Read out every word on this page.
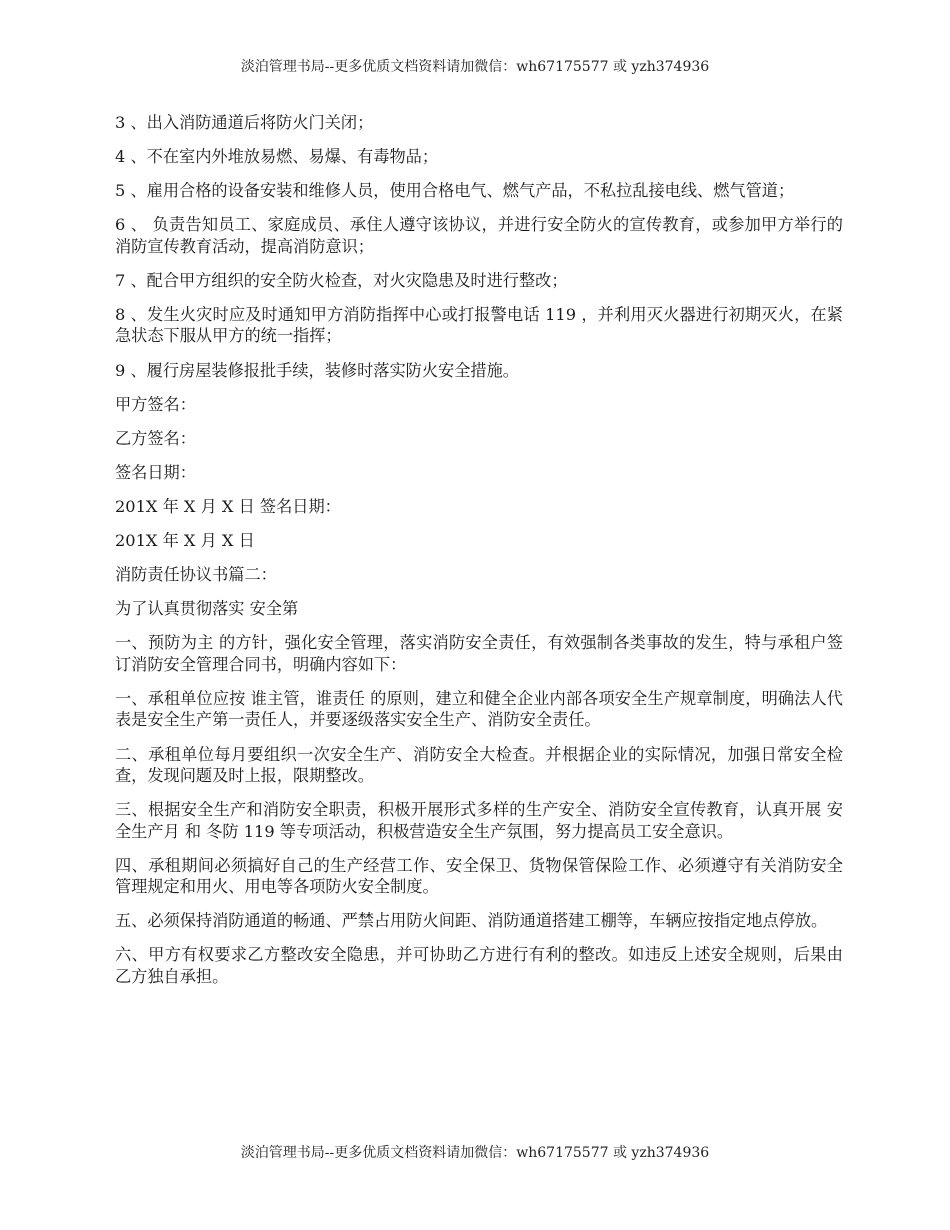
淡泊管理书局--更多优质文档资料请加微信：wh67175577 或 yzh374936

3 、出入消防通道后将防火门关闭；

4 、不在室内外堆放易燃、易爆、有毒物品；

5 、雇用合格的设备安装和维修人员，使用合格电气、燃气产品，不私拉乱接电线、燃气管道；

6 、 负责告知员工、家庭成员、承住人遵守该协议，并进行安全防火的宣传教育，或参加甲方举行的消防宣传教育活动，提高消防意识；

7 、配合甲方组织的安全防火检查，对火灾隐患及时进行整改；

8 、发生火灾时应及时通知甲方消防指挥中心或打报警电话 119 ，并利用灭火器进行初期灭火，在紧急状态下服从甲方的统一指挥；

9 、履行房屋装修报批手续，装修时落实防火安全措施。

甲方签名：

乙方签名：

签名日期：

201X 年 X 月 X 日 签名日期：

201X 年 X 月 X 日

消防责任协议书篇二：

为了认真贯彻落实 安全第

一、预防为主 的方针，强化安全管理，落实消防安全责任，有效强制各类事故的发生，特与承租户签订消防安全管理合同书，明确内容如下：

一、承租单位应按 谁主管，谁责任 的原则，建立和健全企业内部各项安全生产规章制度，明确法人代表是安全生产第一责任人，并要逐级落实安全生产、消防安全责任。

二、承租单位每月要组织一次安全生产、消防安全大检查。并根据企业的实际情况，加强日常安全检查，发现问题及时上报，限期整改。

三、根据安全生产和消防安全职责，积极开展形式多样的生产安全、消防安全宣传教育，认真开展 安全生产月 和 冬防 119 等专项活动，积极营造安全生产氛围，努力提高员工安全意识。

四、承租期间必须搞好自己的生产经营工作、安全保卫、货物保管保险工作、必须遵守有关消防安全管理规定和用火、用电等各项防火安全制度。

五、必须保持消防通道的畅通、严禁占用防火间距、消防通道搭建工棚等，车辆应按指定地点停放。

六、甲方有权要求乙方整改安全隐患，并可协助乙方进行有利的整改。如违反上述安全规则，后果由乙方独自承担。

淡泊管理书局--更多优质文档资料请加微信：wh67175577 或 yzh374936
